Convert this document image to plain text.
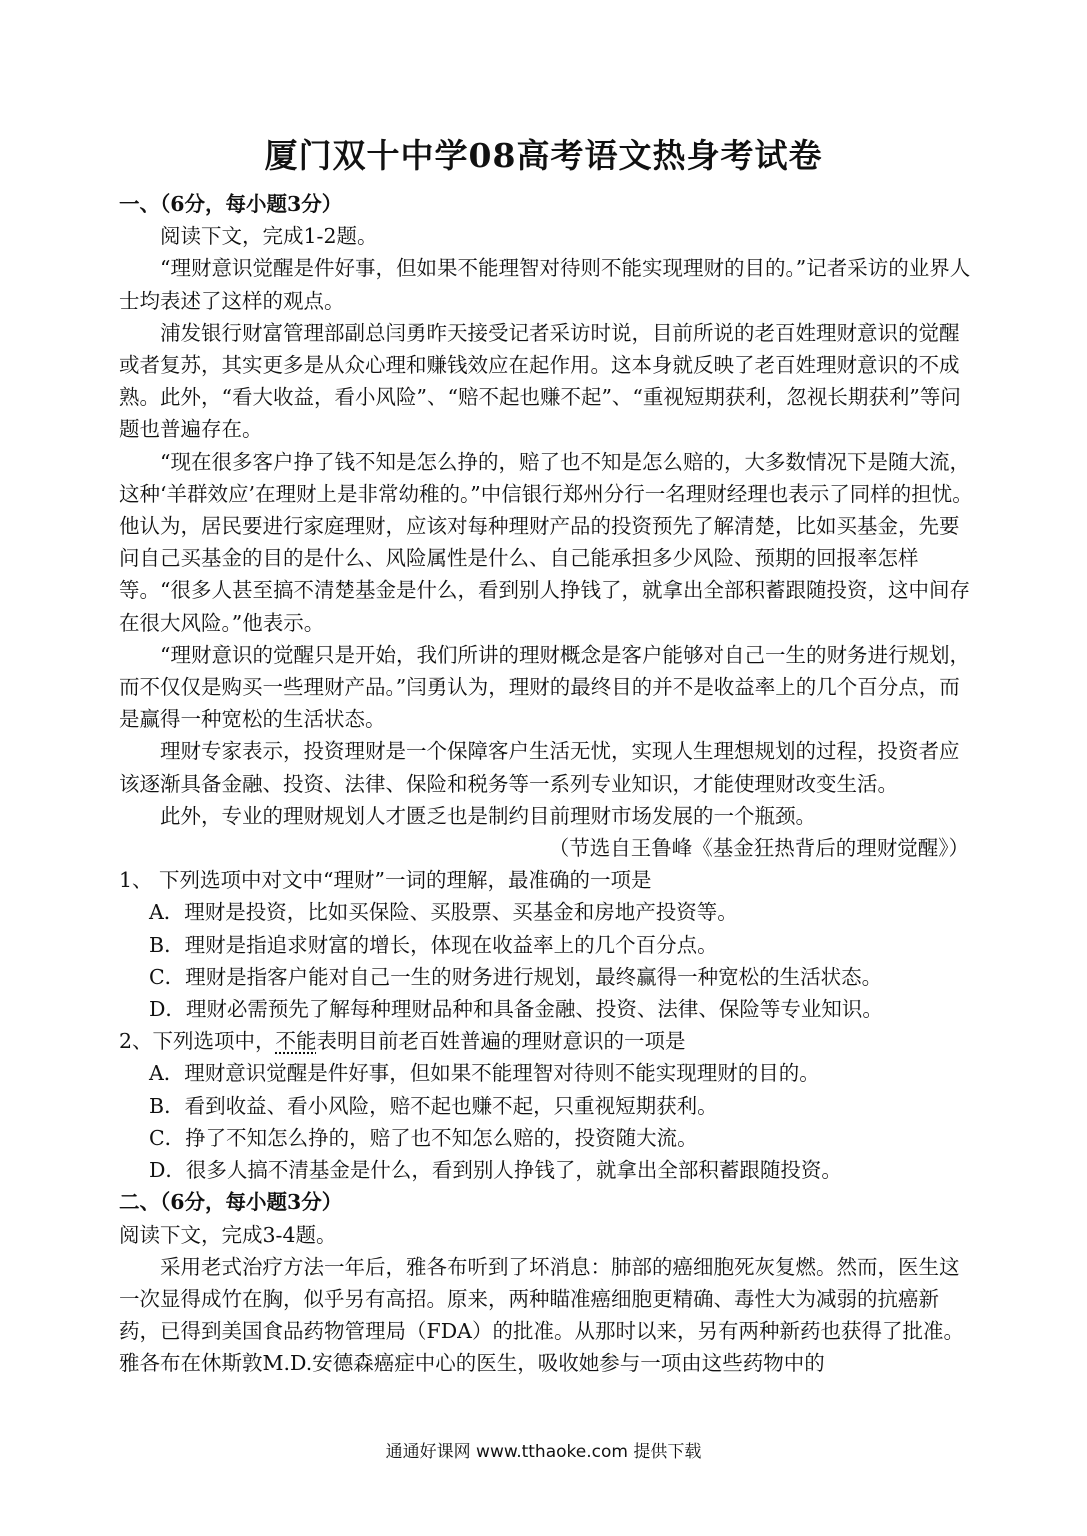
厦门双十中学08高考语文热身考试卷

一、（6分，每小题3分）

阅读下文，完成1-2题。

“理财意识觉醒是件好事，但如果不能理智对待则不能实现理财的目的。”记者采访的业界人士均表述了这样的观点。

浦发银行财富管理部副总闫勇昨天接受记者采访时说，目前所说的老百姓理财意识的觉醒或者复苏，其实更多是从众心理和赚钱效应在起作用。这本身就反映了老百姓理财意识的不成熟。此外，“看大收益，看小风险”、“赔不起也赚不起”、“重视短期获利，忽视长期获利”等问题也普遍存在。

“现在很多客户挣了钱不知是怎么挣的，赔了也不知是怎么赔的，大多数情况下是随大流，这种‘羊群效应’在理财上是非常幼稚的。”中信银行郑州分行一名理财经理也表示了同样的担忧。他认为，居民要进行家庭理财，应该对每种理财产品的投资预先了解清楚，比如买基金，先要问自己买基金的目的是什么、风险属性是什么、自己能承担多少风险、预期的回报率怎样等。“很多人甚至搞不清楚基金是什么，看到别人挣钱了，就拿出全部积蓄跟随投资，这中间存在很大风险。”他表示。

“理财意识的觉醒只是开始，我们所讲的理财概念是客户能够对自己一生的财务进行规划，而不仅仅是购买一些理财产品。”闫勇认为，理财的最终目的并不是收益率上的几个百分点，而是赢得一种宽松的生活状态。

理财专家表示，投资理财是一个保障客户生活无忧，实现人生理想规划的过程，投资者应该逐渐具备金融、投资、法律、保险和税务等一系列专业知识，才能使理财改变生活。

此外，专业的理财规划人才匮乏也是制约目前理财市场发展的一个瓶颈。

（节选自王鲁峰《基金狂热背后的理财觉醒》）

1、 下列选项中对文中“理财”一词的理解，最准确的一项是

A．理财是投资，比如买保险、买股票、买基金和房地产投资等。
B．理财是指追求财富的增长，体现在收益率上的几个百分点。
C．理财是指客户能对自己一生的财务进行规划，最终赢得一种宽松的生活状态。
D．理财必需预先了解每种理财品种和具备金融、投资、法律、保险等专业知识。

2、下列选项中，不能表明目前老百姓普遍的理财意识的一项是

A．理财意识觉醒是件好事，但如果不能理智对待则不能实现理财的目的。
B．看到收益、看小风险，赔不起也赚不起，只重视短期获利。
C．挣了不知怎么挣的，赔了也不知怎么赔的，投资随大流。
D．很多人搞不清基金是什么，看到别人挣钱了，就拿出全部积蓄跟随投资。

二、（6分，每小题3分）

阅读下文，完成3-4题。

采用老式治疗方法一年后，雅各布听到了坏消息：肺部的癌细胞死灰复燃。然而，医生这一次显得成竹在胸，似乎另有高招。原来，两种瞄准癌细胞更精确、毒性大为减弱的抗癌新药，已得到美国食品药物管理局（FDA）的批准。从那时以来，另有两种新药也获得了批准。雅各布在休斯敦M.D.安德森癌症中心的医生，吸收她参与一项由这些药物中的

通通好课网 www.tthaoke.com 提供下载
